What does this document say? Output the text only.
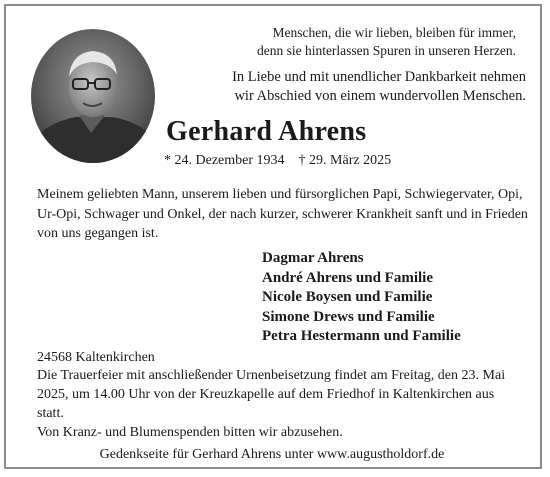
Menschen, die wir lieben, bleiben für immer,
denn sie hinterlassen Spuren in unseren Herzen.
In Liebe und mit unendlicher Dankbarkeit nehmen
wir Abschied von einem wundervollen Menschen.
Gerhard Ahrens
* 24. Dezember 1934 † 29. März 2025
Meinem geliebten Mann, unserem lieben und fürsorglichen Papi, Schwiegervater, Opi, Ur-Opi, Schwager und Onkel, der nach kurzer, schwerer Krankheit sanft und in Frieden von uns gegangen ist.
Dagmar Ahrens
André Ahrens und Familie
Nicole Boysen und Familie
Simone Drews und Familie
Petra Hestermann und Familie
24568 Kaltenkirchen
Die Trauerfeier mit anschließender Urnenbeisetzung findet am Freitag, den 23. Mai 2025, um 14.00 Uhr von der Kreuzkapelle auf dem Friedhof in Kaltenkirchen aus statt.
Von Kranz- und Blumenspenden bitten wir abzusehen.
Gedenkseite für Gerhard Ahrens unter www.augustholdorf.de
